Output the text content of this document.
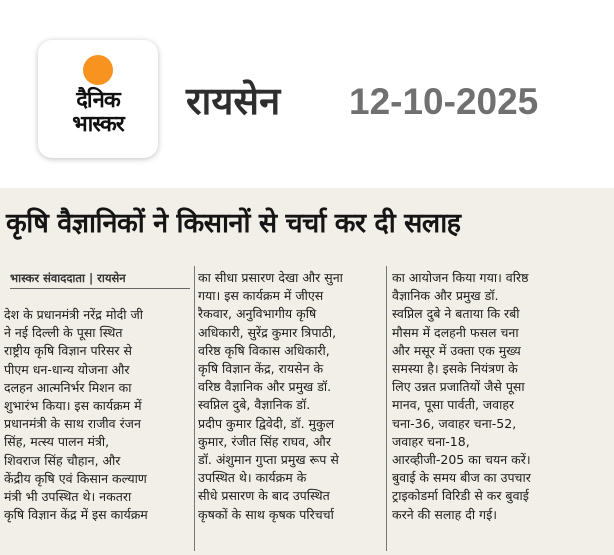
दैनिक
भास्कर
रायसेन 12-10-2025
कृषि वैज्ञानिकों ने किसानों से चर्चा कर दी सलाह
भास्कर संवाददाता | रायसेन
देश के प्रधानमंत्री नरेंद्र मोदी जी
ने नई दिल्ली के पूसा स्थित
राष्ट्रीय कृषि विज्ञान परिसर से
पीएम धन-धान्य योजना और
दलहन आत्मनिर्भर मिशन का
शुभारंभ किया। इस कार्यक्रम में
प्रधानमंत्री के साथ राजीव रंजन
सिंह, मत्स्य पालन मंत्री,
शिवराज सिंह चौहान, और
केंद्रीय कृषि एवं किसान कल्याण
मंत्री भी उपस्थित थे। नकतरा
कृषि विज्ञान केंद्र में इस कार्यक्रम
का सीधा प्रसारण देखा और सुना
गया। इस कार्यक्रम में जीएस
रैकवार, अनुविभागीय कृषि
अधिकारी, सुरेंद्र कुमार त्रिपाठी,
वरिष्ठ कृषि विकास अधिकारी,
कृषि विज्ञान केंद्र, रायसेन के
वरिष्ठ वैज्ञानिक और प्रमुख डॉ.
स्वप्निल दुबे, वैज्ञानिक डॉ.
प्रदीप कुमार द्विवेदी, डॉ. मुकुल
कुमार, रंजीत सिंह राघव, और
डॉ. अंशुमान गुप्ता प्रमुख रूप से
उपस्थित थे। कार्यक्रम के
सीधे प्रसारण के बाद उपस्थित
कृषकों के साथ कृषक परिचर्चा
का आयोजन किया गया। वरिष्ठ
वैज्ञानिक और प्रमुख डॉ.
स्वप्निल दुबे ने बताया कि रबी
मौसम में दलहनी फसल चना
और मसूर में उक्ता एक मुख्य
समस्या है। इसके नियंत्रण के
लिए उन्नत प्रजातियों जैसे पूसा
मानव, पूसा पार्वती, जवाहर
चना-36, जवाहर चना-52,
जवाहर चना-18,
आरव्हीजी-205 का चयन करें।
बुवाई के समय बीज का उपचार
ट्राइकोडर्मा विरिडी से कर बुवाई
करने की सलाह दी गई।
